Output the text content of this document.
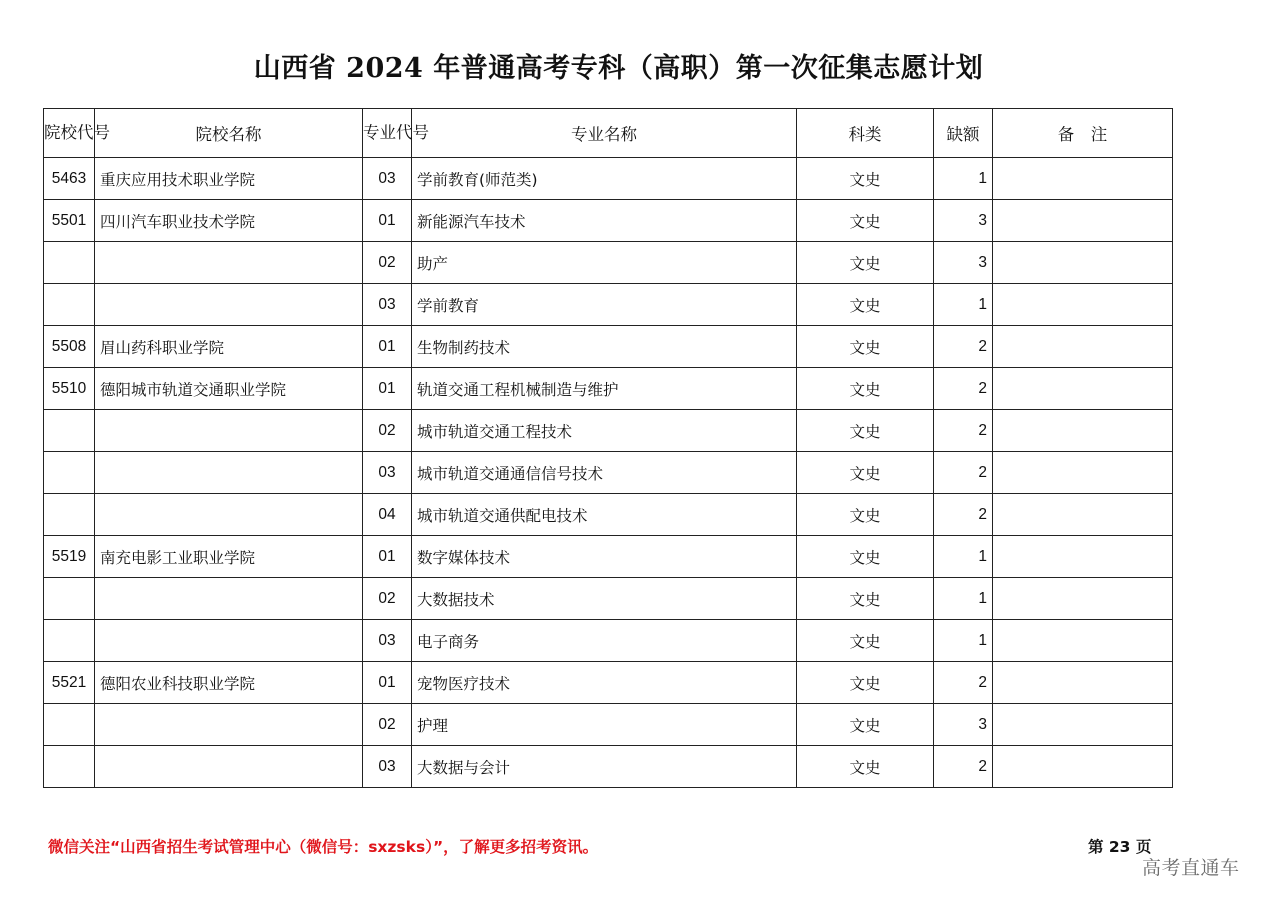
山西省 2024 年普通高考专科（高职）第一次征集志愿计划
院校代号	院校名称	专业代号	专业名称	科类	缺额	备　注
5463	重庆应用技术职业学院	03	学前教育(师范类)	文史	1	
5501	四川汽车职业技术学院	01	新能源汽车技术	文史	3	
		02	助产	文史	3	
		03	学前教育	文史	1	
5508	眉山药科职业学院	01	生物制药技术	文史	2	
5510	德阳城市轨道交通职业学院	01	轨道交通工程机械制造与维护	文史	2	
		02	城市轨道交通工程技术	文史	2	
		03	城市轨道交通通信信号技术	文史	2	
		04	城市轨道交通供配电技术	文史	2	
5519	南充电影工业职业学院	01	数字媒体技术	文史	1	
		02	大数据技术	文史	1	
		03	电子商务	文史	1	
5521	德阳农业科技职业学院	01	宠物医疗技术	文史	2	
		02	护理	文史	3	
		03	大数据与会计	文史	2	
微信关注“山西省招生考试管理中心（微信号：sxzsks）”，了解更多招考资讯。	第 23 页
高考直通车
